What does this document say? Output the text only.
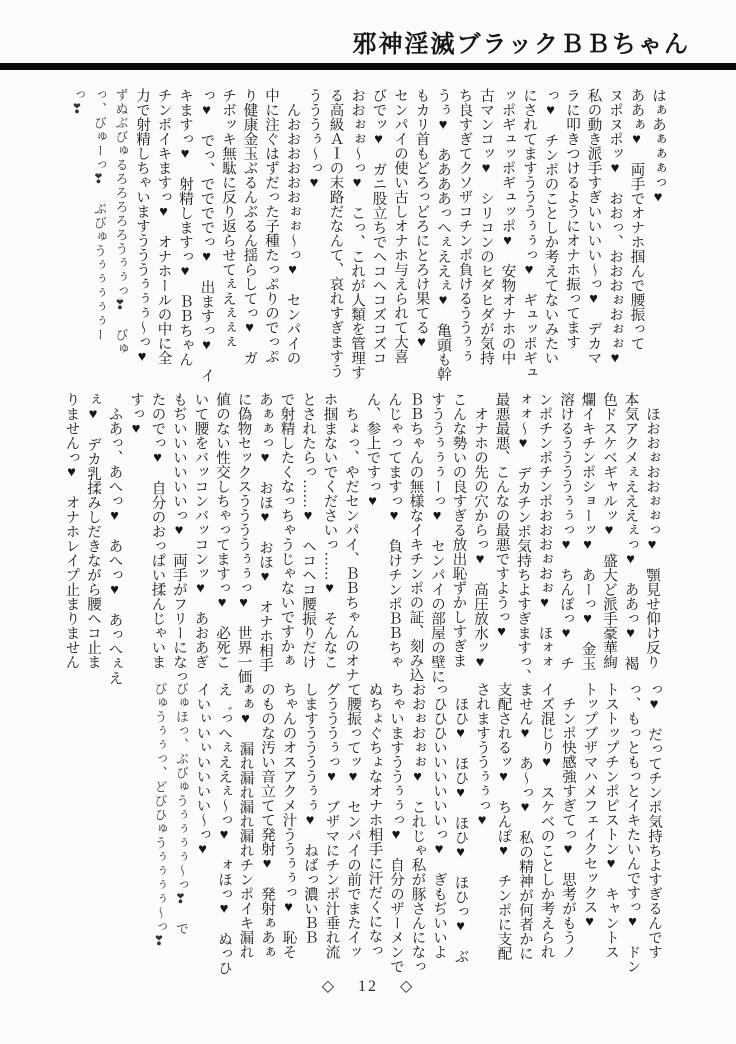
邪神淫滅ブラックＢＢちゃん

はぁあぁぁぁっ♥

ああぁ♥　両手でオナホ掴んで腰振って

ヌポヌポッ♥　おおっ、おおおぉおぉぉ♥

私の動き派手すぎいいいい～っ♥　デカマ

ラに叩きつけるようにオナホ振ってます

っ♥　チンポのことしか考えてないみたい

にされてますうううぅぅっ♥　ギュッポギュ

ッポギュッポギュッポ♥　安物オナホの中

古マンコッ♥　シリコンのヒダヒダが気持

ち良すぎてクソザコチンポ負けるううぅぅ

うぅ♥　ああああっへぇええぇ♥　亀頭も幹

もカリ首もどろっどろにとろけ果てる♥

センパイの使い古しオナホ与えられて大喜

びでッ♥　ガニ股立ちでヘコヘコズコズコ

おおぉぉ～っ♥　こっ、これが人類を管理す

る高級ＡＩの末路だなんて、哀れすぎますう

うううぅ～っ♥

　んおおおおおおぉぉ～っ♥　センパイの

中に注ぐはずだった子種たっぷりのでっぷ

り健康金玉ぶるんぶるん揺らしてっ♥　ガ

チボッキ無駄に反り返らせてぇえぇぇぇ

っ♥　でっ、ででででっ♥　出ますっ♥　イ

キますっ♥　射精しますっ♥　ＢＢちゃん

チンポイキますっ♥　オナホールの中に全

力で射精しちゃいますうううぅぅぅ～っ♥

ずぬぶびゅるろろろろろうぅぅっ❣　びゅ

っ、びゅーっ❣　ぶびゅうぅぅぅぅぅー

っ❣

　ほおおぉおおぉぉっ♥　顎見せ仰け反り

本気アクメぇえええぇっ♥　ああっ♥　褐

色ドスケベギャルッ♥　盛大ど派手豪華絢

爛イキチンポショーッ♥　あーっ♥　金玉

溶けるううううぅぅっ♥　ちんぽっ♥　チ

ンポチンポチンポおおおぉおぉ♥　ほォォ

ォォ～♥　デカチンポ気持ちよすぎますっ、

最悪最悪、こんなの最悪ですようっ♥

　オナホの先の穴からっ♥　高圧放水ッ♥

こんな勢いの良すぎる放出恥ずかしすぎま

すううぅぅぅーっ♥　センパイの部屋の壁に

ＢＢちゃんの無様なイキチンポの証、刻み込

んじゃってますっ♥　負けチンポＢＢちゃ

ん、参上ですっ♥

　ちょっ、やだセンパイ、ＢＢちゃんのオナ

ホ掴まないでくださいっ……♥　そんなこ

とされたらっ……♥　ヘコヘコ腰振りだけ

で射精したくなっちゃうじゃないですかぁ

あぁぁっ♥　おほ♥　おほ♥　オナホ相手

に偽物セックスううううぅぅっ♥　世界一価

値のない性交しちゃってますっ♥　必死こ

いて腰をバッコンバッコンッ♥　あおあぎ

もぢいいいいいいっ♥　両手がフリーになっ

たのでっ♥　自分のおっぱい揉んじゃいま

すっ♥

　ふあっ、あへっ♥　あへっ♥　あっへぇえ

ぇ♥　デカ乳揉みしだきながら腰ヘコ止ま

りませんっ♥　オナホレイプ止まりません

っ♥　だってチンポ気持ちよすぎるんです

っ、もっともっとイキたいんですっ♥　ドン

トストップチンポピストン♥　キャントス

トップブザマハメフェイクセックス♥

　チンポ快感強すぎてっ♥　思考がもうノ

イズ混じり♥　スケベのことしか考えられ

ません♥　あ～っ♥　私の精神が何者かに

支配されるッ♥　ちんぽ♥　チンポに支配

されますううぅぅっ♥

　ほひ♥　ほひ♥　ほひ♥　ほひっ♥　ぶ

っひひひいいいいいいっ♥　ぎもぢいいよ

おおぉおぉぉ♥　これじゃ私が豚さんになっ

ちゃいますううぅぅっ♥　自分のザーメンで

ぬちょぐちょなオナホ相手に汗だくになっ

て腰振ってッ♥　センパイの前でまたイッ

グうううぅっ♥　ブザマにチンポ汁垂れ流

しますううううぅぅ♥　ねばっ濃いＢＢ

ちゃんのオスアクメ汁ううぅぅっ♥　恥そ

のものな汚い音立てて発射♥　発射ぁあぁ

ぁぁ♥　漏れ漏れ漏れ漏れチンポイキ漏れ

え゛っへぇええぇ～っ♥　ォほっ♥　ぬっひ

イいぃいぃいいいい～っ♥

びゅほっ、ぶびゅうぅぅぅぅ～っ❣　で

びゅうぅぅっ、どびひゅうぅぅぅぅ～っ❣

◇ 12 ◇
